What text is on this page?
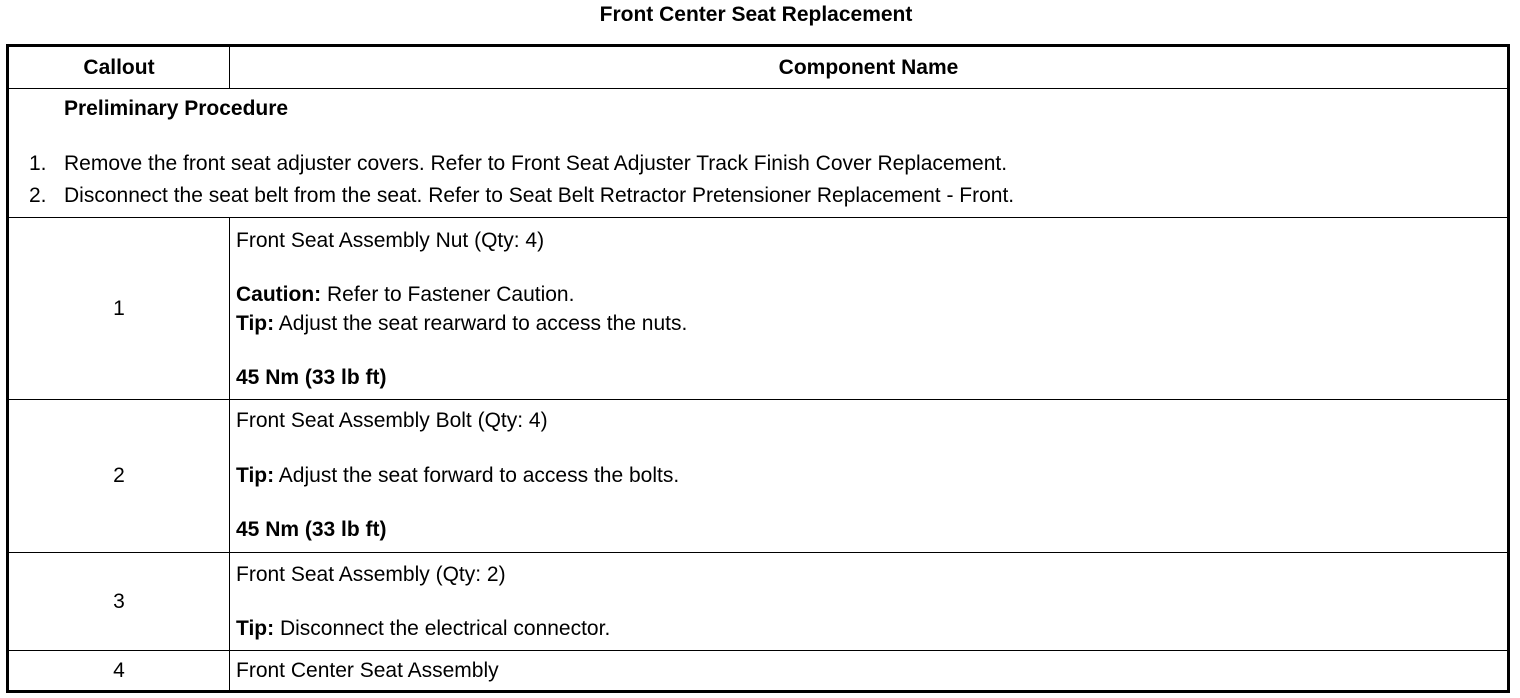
Front Center Seat Replacement
Callout	Component Name

Preliminary Procedure
1. Remove the front seat adjuster covers. Refer to Front Seat Adjuster Track Finish Cover Replacement.
2. Disconnect the seat belt from the seat. Refer to Seat Belt Retractor Pretensioner Replacement - Front.	

1	Front Seat Assembly Nut (Qty: 4)
Caution: Refer to Fastener Caution.
Tip: Adjust the seat rearward to access the nuts.
45 Nm (33 lb ft)

2	Front Seat Assembly Bolt (Qty: 4)
Tip: Adjust the seat forward to access the bolts.
45 Nm (33 lb ft)

3	Front Seat Assembly (Qty: 2)
Tip: Disconnect the electrical connector.

4	Front Center Seat Assembly
